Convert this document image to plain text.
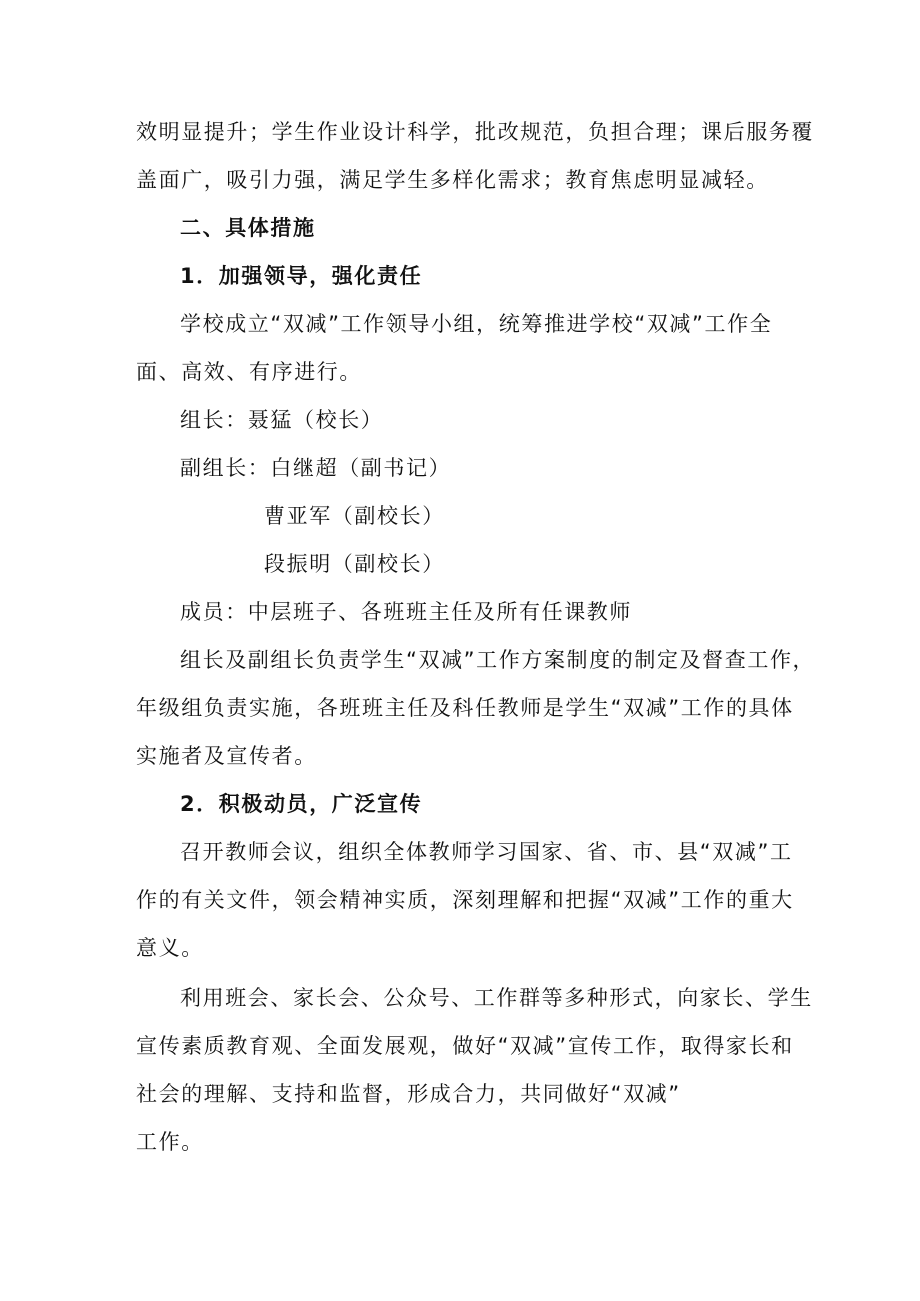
效明显提升；学生作业设计科学，批改规范，负担合理；课后服务覆
盖面广，吸引力强，满足学生多样化需求；教育焦虑明显减轻。
二、具体措施
1．加强领导，强化责任
学校成立“双减”工作领导小组，统筹推进学校“双减”工作全
面、高效、有序进行。
组长：聂猛（校长）
副组长：白继超（副书记）
曹亚军（副校长）
段振明（副校长）
成员：中层班子、各班班主任及所有任课教师
组长及副组长负责学生“双减”工作方案制度的制定及督查工作，
年级组负责实施，各班班主任及科任教师是学生“双减”工作的具体
实施者及宣传者。
2．积极动员，广泛宣传
召开教师会议，组织全体教师学习国家、省、市、县“双减”工
作的有关文件，领会精神实质，深刻理解和把握“双减”工作的重大
意义。
利用班会、家长会、公众号、工作群等多种形式，向家长、学生
宣传素质教育观、全面发展观，做好“双减”宣传工作，取得家长和
社会的理解、支持和监督，形成合力，共同做好“双减”
工作。
